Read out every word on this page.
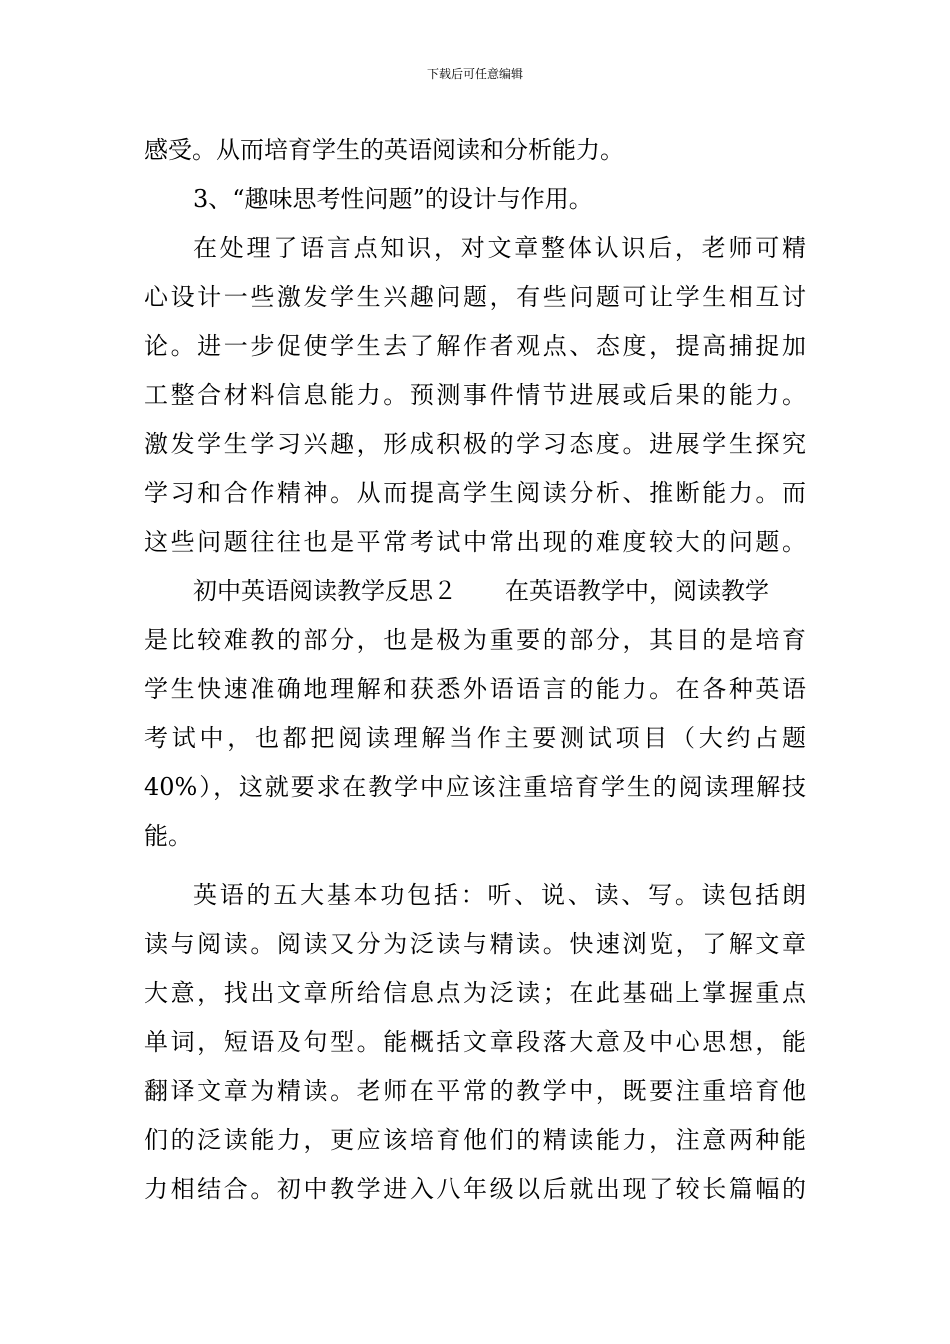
下载后可任意编辑
感受。从而培育学生的英语阅读和分析能力。
3、“趣味思考性问题”的设计与作用。
在处理了语言点知识，对文章整体认识后，老师可精
心设计一些激发学生兴趣问题，有些问题可让学生相互讨
论。进一步促使学生去了解作者观点、态度，提高捕捉加
工整合材料信息能力。预测事件情节进展或后果的能力。
激发学生学习兴趣，形成积极的学习态度。进展学生探究
学习和合作精神。从而提高学生阅读分析、推断能力。而
这些问题往往也是平常考试中常出现的难度较大的问题。
初中英语阅读教学反思２ 在英语教学中，阅读教学
是比较难教的部分，也是极为重要的部分，其目的是培育
学生快速准确地理解和获悉外语语言的能力。在各种英语
考试中，也都把阅读理解当作主要测试项目（大约占题
40%），这就要求在教学中应该注重培育学生的阅读理解技
能。
英语的五大基本功包括：听、说、读、写。读包括朗
读与阅读。阅读又分为泛读与精读。快速浏览，了解文章
大意，找出文章所给信息点为泛读；在此基础上掌握重点
单词，短语及句型。能概括文章段落大意及中心思想，能
翻译文章为精读。老师在平常的教学中，既要注重培育他
们的泛读能力，更应该培育他们的精读能力，注意两种能
力相结合。初中教学进入八年级以后就出现了较长篇幅的
